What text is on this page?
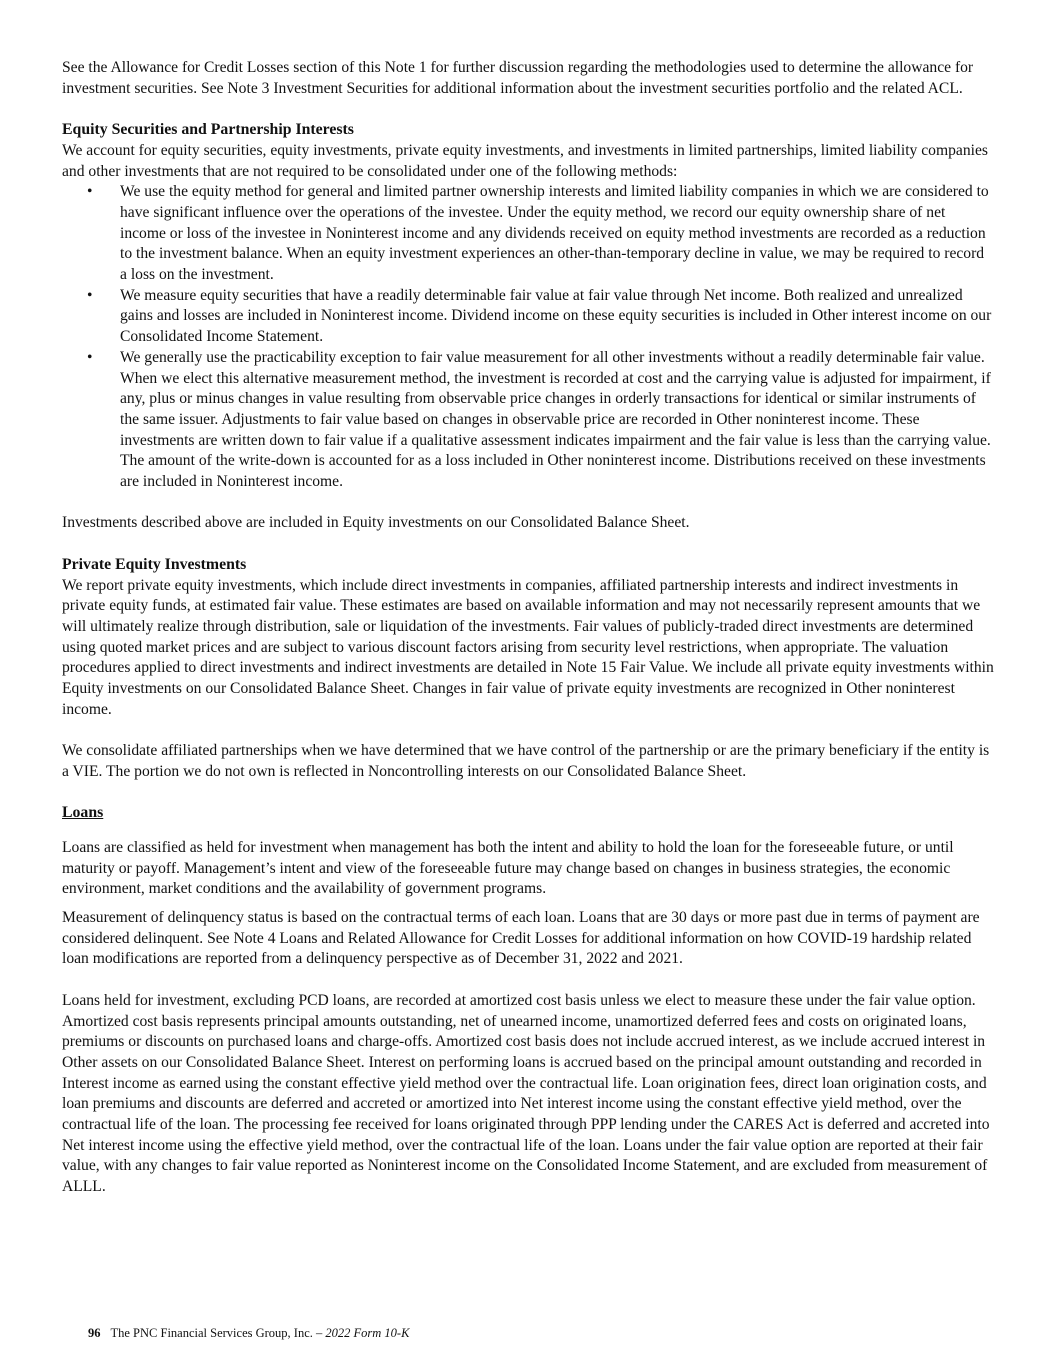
See the Allowance for Credit Losses section of this Note 1 for further discussion regarding the methodologies used to determine the allowance for investment securities. See Note 3 Investment Securities for additional information about the investment securities portfolio and the related ACL.

Equity Securities and Partnership Interests

We account for equity securities, equity investments, private equity investments, and investments in limited partnerships, limited liability companies and other investments that are not required to be consolidated under one of the following methods:

• We use the equity method for general and limited partner ownership interests and limited liability companies in which we are considered to have significant influence over the operations of the investee. Under the equity method, we record our equity ownership share of net income or loss of the investee in Noninterest income and any dividends received on equity method investments are recorded as a reduction to the investment balance. When an equity investment experiences an other-than-temporary decline in value, we may be required to record a loss on the investment.
• We measure equity securities that have a readily determinable fair value at fair value through Net income. Both realized and unrealized gains and losses are included in Noninterest income. Dividend income on these equity securities is included in Other interest income on our Consolidated Income Statement.
• We generally use the practicability exception to fair value measurement for all other investments without a readily determinable fair value. When we elect this alternative measurement method, the investment is recorded at cost and the carrying value is adjusted for impairment, if any, plus or minus changes in value resulting from observable price changes in orderly transactions for identical or similar instruments of the same issuer. Adjustments to fair value based on changes in observable price are recorded in Other noninterest income. These investments are written down to fair value if a qualitative assessment indicates impairment and the fair value is less than the carrying value. The amount of the write-down is accounted for as a loss included in Other noninterest income. Distributions received on these investments are included in Noninterest income.

Investments described above are included in Equity investments on our Consolidated Balance Sheet.

Private Equity Investments

We report private equity investments, which include direct investments in companies, affiliated partnership interests and indirect investments in private equity funds, at estimated fair value. These estimates are based on available information and may not necessarily represent amounts that we will ultimately realize through distribution, sale or liquidation of the investments. Fair values of publicly-traded direct investments are determined using quoted market prices and are subject to various discount factors arising from security level restrictions, when appropriate. The valuation procedures applied to direct investments and indirect investments are detailed in Note 15 Fair Value. We include all private equity investments within Equity investments on our Consolidated Balance Sheet. Changes in fair value of private equity investments are recognized in Other noninterest income.

We consolidate affiliated partnerships when we have determined that we have control of the partnership or are the primary beneficiary if the entity is a VIE. The portion we do not own is reflected in Noncontrolling interests on our Consolidated Balance Sheet.

Loans

Loans are classified as held for investment when management has both the intent and ability to hold the loan for the foreseeable future, or until maturity or payoff. Management’s intent and view of the foreseeable future may change based on changes in business strategies, the economic environment, market conditions and the availability of government programs.

Measurement of delinquency status is based on the contractual terms of each loan. Loans that are 30 days or more past due in terms of payment are considered delinquent. See Note 4 Loans and Related Allowance for Credit Losses for additional information on how COVID-19 hardship related loan modifications are reported from a delinquency perspective as of December 31, 2022 and 2021.

Loans held for investment, excluding PCD loans, are recorded at amortized cost basis unless we elect to measure these under the fair value option. Amortized cost basis represents principal amounts outstanding, net of unearned income, unamortized deferred fees and costs on originated loans, premiums or discounts on purchased loans and charge-offs. Amortized cost basis does not include accrued interest, as we include accrued interest in Other assets on our Consolidated Balance Sheet. Interest on performing loans is accrued based on the principal amount outstanding and recorded in Interest income as earned using the constant effective yield method over the contractual life. Loan origination fees, direct loan origination costs, and loan premiums and discounts are deferred and accreted or amortized into Net interest income using the constant effective yield method, over the contractual life of the loan. The processing fee received for loans originated through PPP lending under the CARES Act is deferred and accreted into Net interest income using the effective yield method, over the contractual life of the loan. Loans under the fair value option are reported at their fair value, with any changes to fair value reported as Noninterest income on the Consolidated Income Statement, and are excluded from measurement of ALLL.

96 The PNC Financial Services Group, Inc. – 2022 Form 10-K
